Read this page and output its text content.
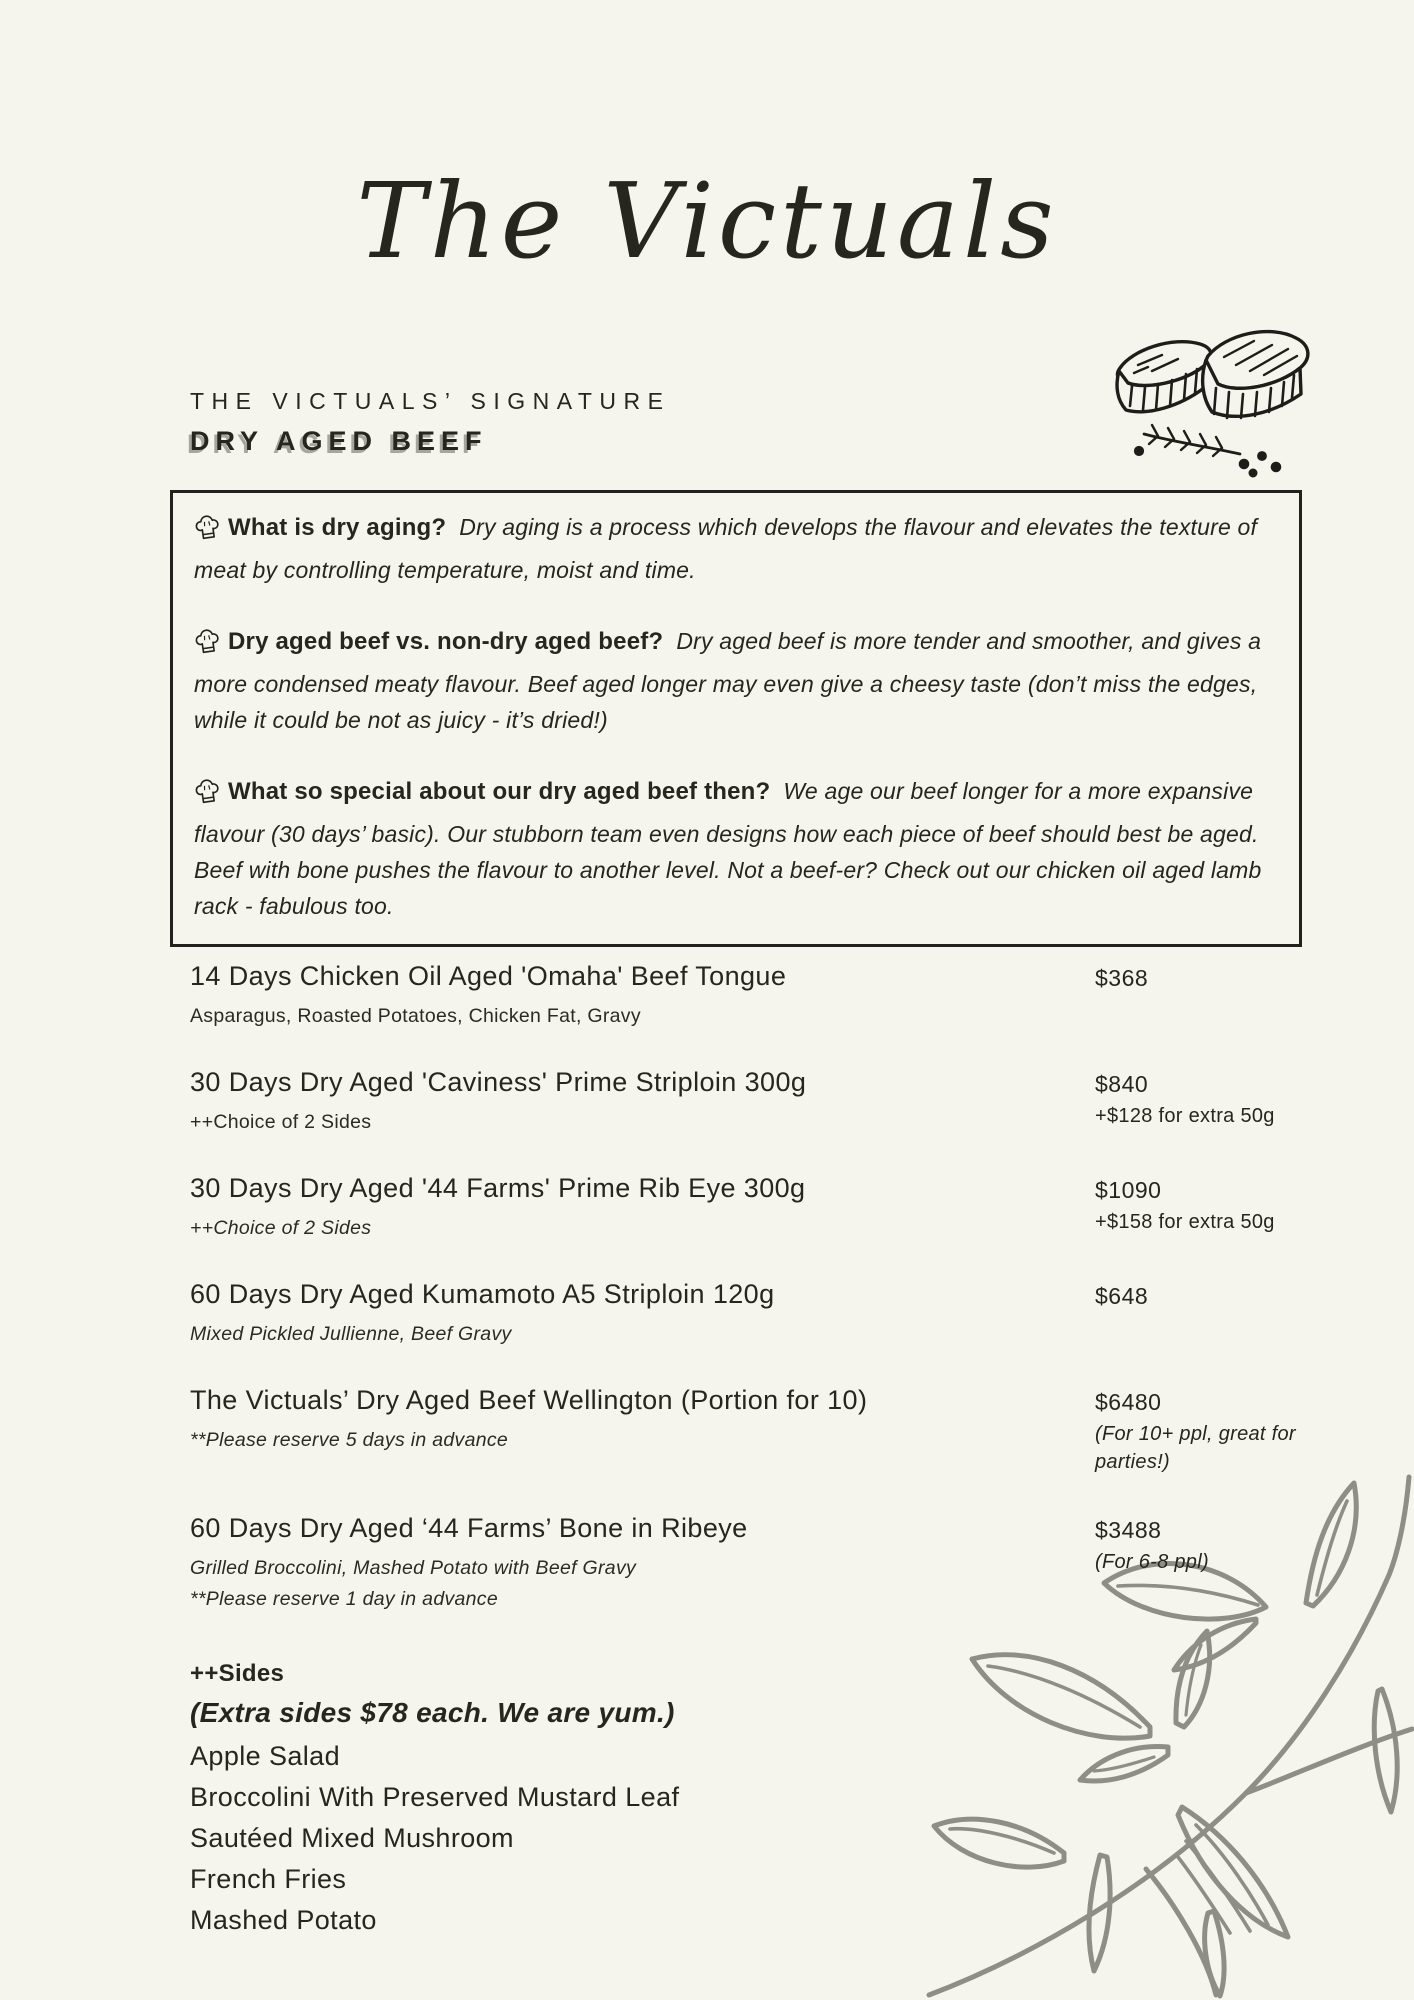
The Victuals
THE VICTUALS’ SIGNATURE
DRY AGED BEEF

What is dry aging? Dry aging is a process which develops the flavour and elevates the texture of meat by controlling temperature, moist and time.

Dry aged beef vs. non-dry aged beef? Dry aged beef is more tender and smoother, and gives a more condensed meaty flavour. Beef aged longer may even give a cheesy taste (don’t miss the edges, while it could be not as juicy - it’s dried!)

What so special about our dry aged beef then? We age our beef longer for a more expansive flavour (30 days’ basic). Our stubborn team even designs how each piece of beef should best be aged. Beef with bone pushes the flavour to another level. Not a beef-er? Check out our chicken oil aged lamb rack - fabulous too.

14 Days Chicken Oil Aged 'Omaha' Beef Tongue
Asparagus, Roasted Potatoes, Chicken Fat, Gravy
$368
30 Days Dry Aged 'Caviness' Prime Striploin 300g
++Choice of 2 Sides
$840
+$128 for extra 50g
30 Days Dry Aged '44 Farms' Prime Rib Eye 300g
++Choice of 2 Sides
$1090
+$158 for extra 50g
60 Days Dry Aged Kumamoto A5 Striploin 120g
Mixed Pickled Jullienne, Beef Gravy
$648
The Victuals’ Dry Aged Beef Wellington (Portion for 10)
**Please reserve 5 days in advance
$6480
(For 10+ ppl, great for parties!)
60 Days Dry Aged ‘44 Farms’ Bone in Ribeye
Grilled Broccolini, Mashed Potato with Beef Gravy
**Please reserve 1 day in advance
$3488
(For 6-8 ppl)
++Sides
(Extra sides $78 each. We are yum.)
Apple Salad
Broccolini With Preserved Mustard Leaf
Sautéed Mixed Mushroom
French Fries
Mashed Potato
